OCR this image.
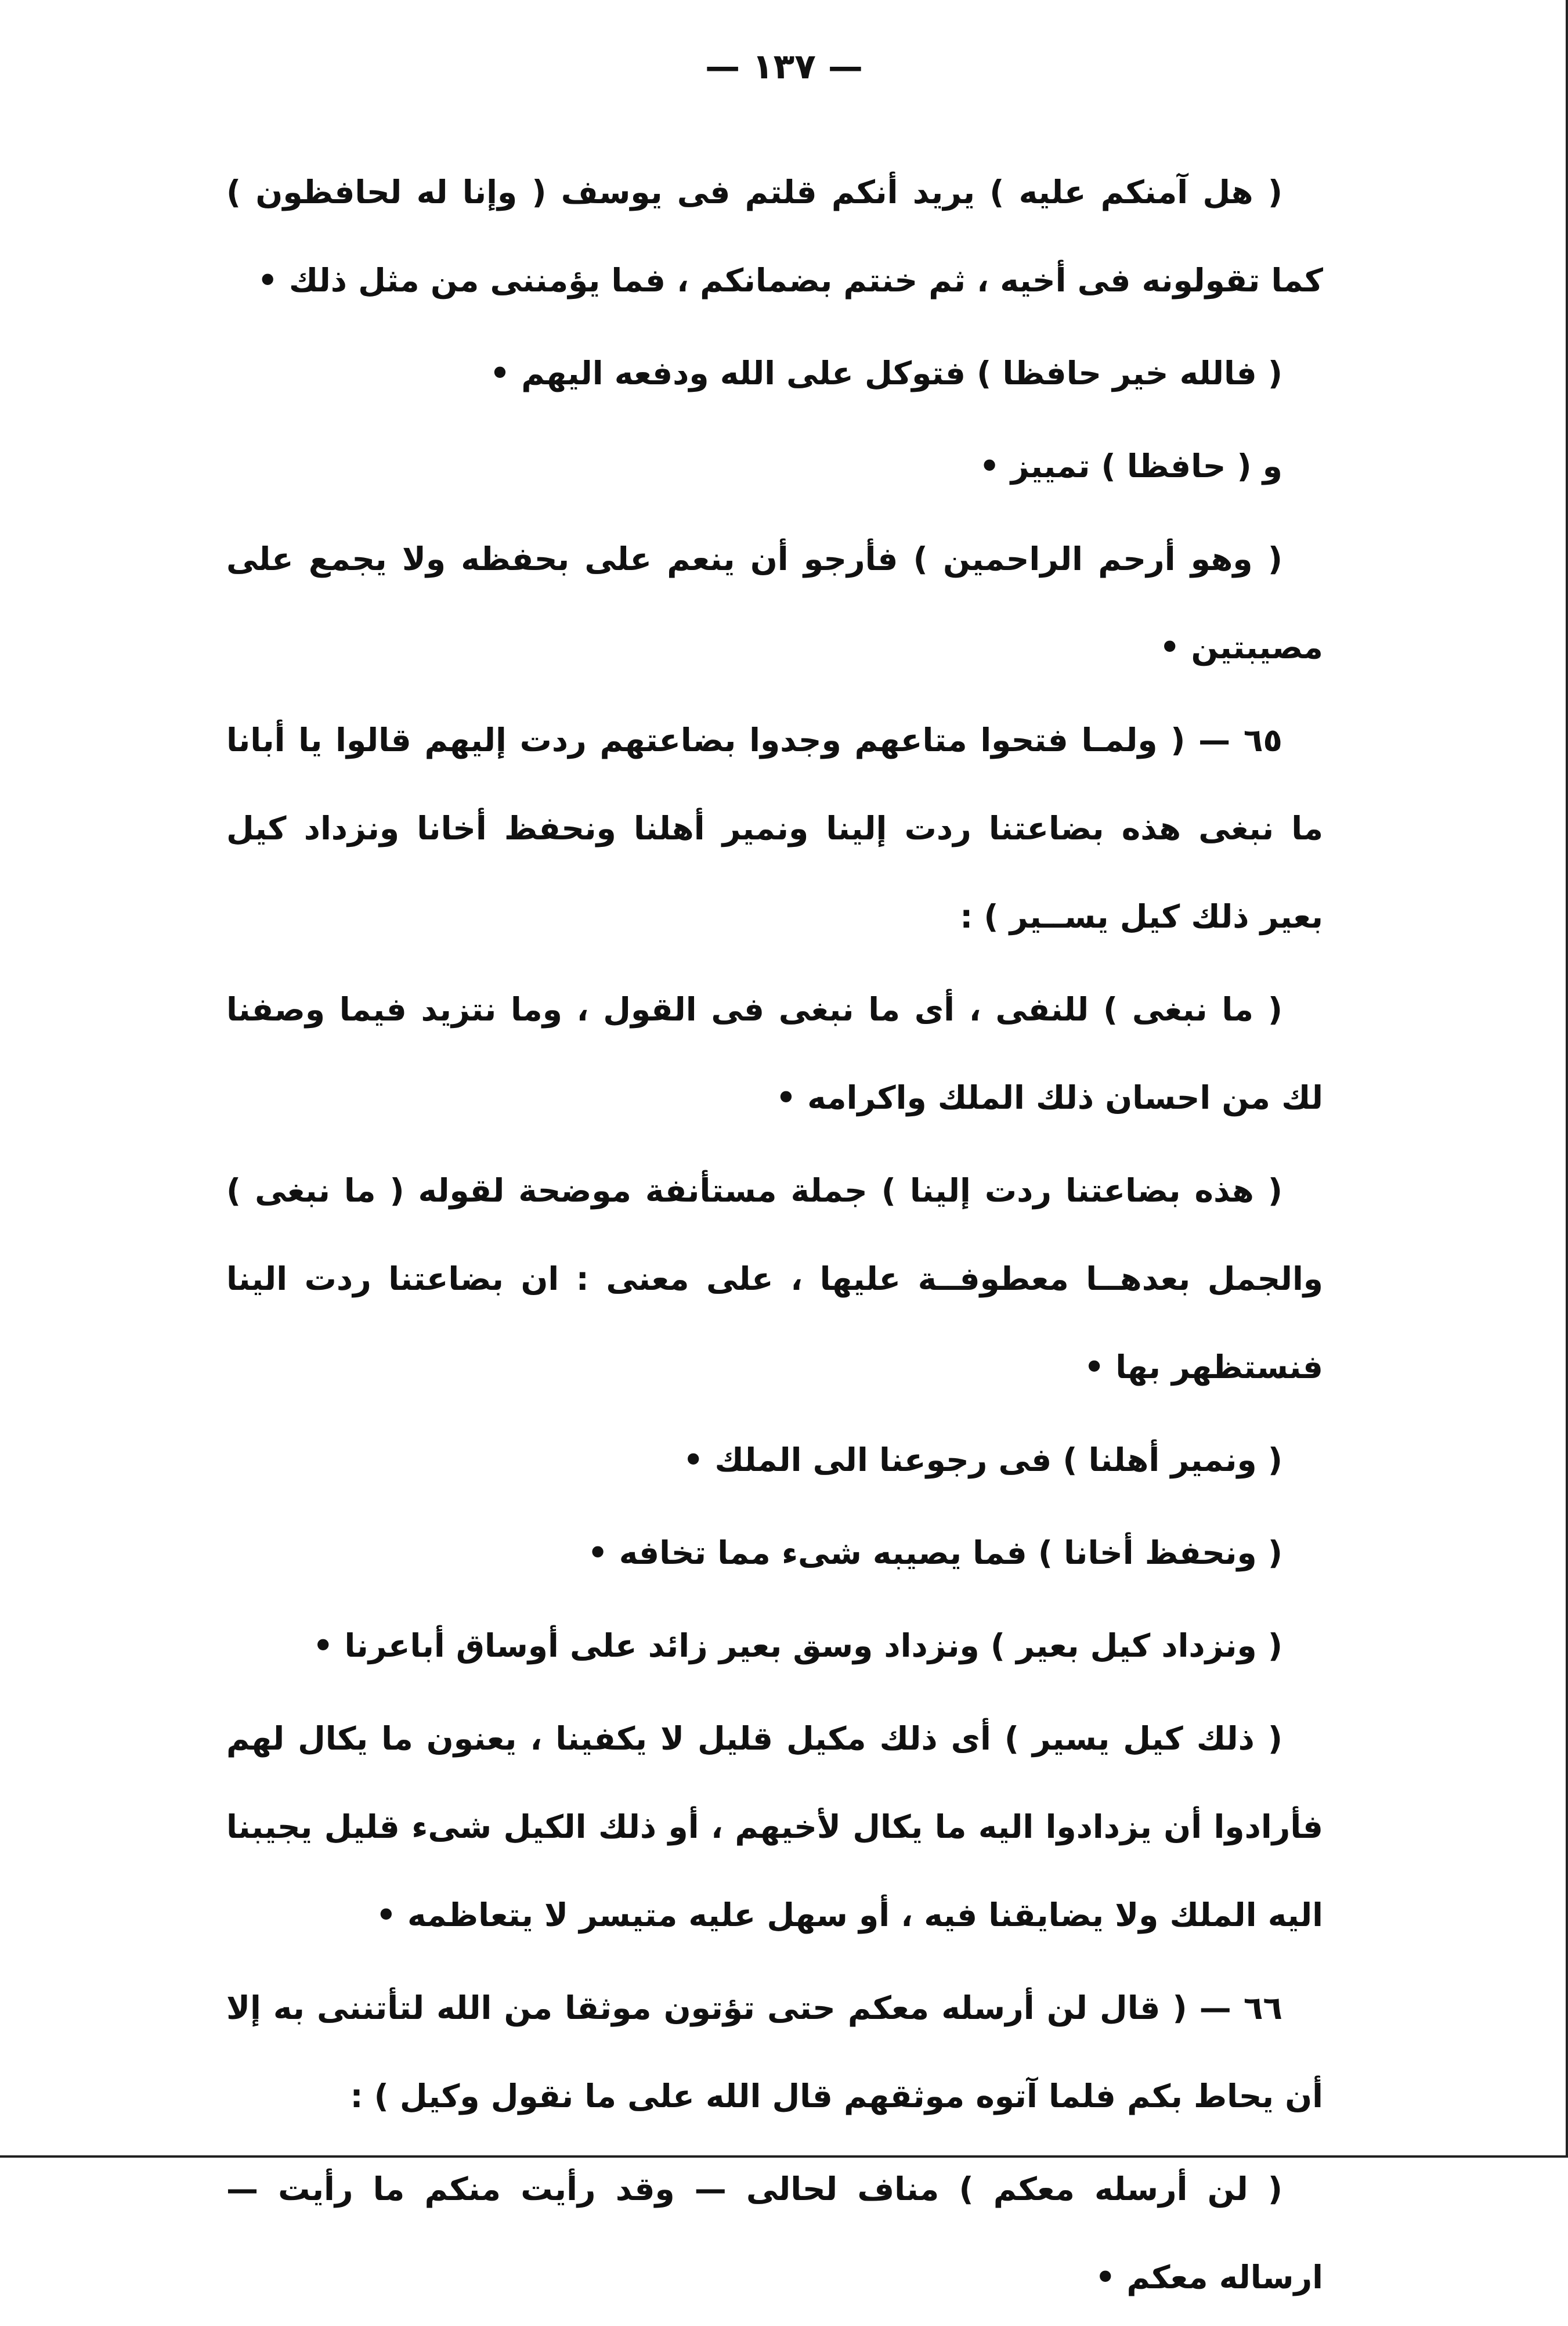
— ١٣٧ —

( هل آمنكم عليه ) يريد أنكم قلتم فى يوسف ( وإنا له لحافظون ) كما تقولونه فى أخيه ، ثم خنتم بضمانكم ، فما يؤمننى من مثل ذلك •

( فالله خير حافظا ) فتوكل على الله ودفعه اليهم •

و ( حافظا ) تمييز •

( وهو أرحم الراحمين ) فأرجو أن ينعم على بحفظه ولا يجمع على مصيبتين •

٦٥ — ( ولمـا فتحوا متاعهم وجدوا بضاعتهم ردت إليهم قالوا يا أبانا ما نبغى هذه بضاعتنا ردت إلينا ونمير أهلنا ونحفظ أخانا ونزداد كيل بعير ذلك كيل يســير ) :

( ما نبغى ) للنفى ، أى ما نبغى فى القول ، وما نتزيد فيما وصفنا لك من احسان ذلك الملك واكرامه •

( هذه بضاعتنا ردت إلينا ) جملة مستأنفة موضحة لقوله ( ما نبغى ) والجمل بعدهــا معطوفــة عليها ، على معنى : ان بضاعتنا ردت الينا فنستظهر بها •

( ونمير أهلنا ) فى رجوعنا الى الملك •

( ونحفظ أخانا ) فما يصيبه شىء مما تخافه •

( ونزداد كيل بعير ) ونزداد وسق بعير زائد على أوساق أباعرنا •

( ذلك كيل يسير ) أى ذلك مكيل قليل لا يكفينا ، يعنون ما يكال لهم فأرادوا أن يزدادوا اليه ما يكال لأخيهم ، أو ذلك الكيل شىء قليل يجيبنا اليه الملك ولا يضايقنا فيه ، أو سهل عليه متيسر لا يتعاظمه •

٦٦ — ( قال لن أرسله معكم حتى تؤتون موثقا من الله لتأتننى به إلا أن يحاط بكم فلما آتوه موثقهم قال الله على ما نقول وكيل ) :

( لن أرسله معكم ) مناف لحالى — وقد رأيت منكم ما رأيت — ارساله معكم •
